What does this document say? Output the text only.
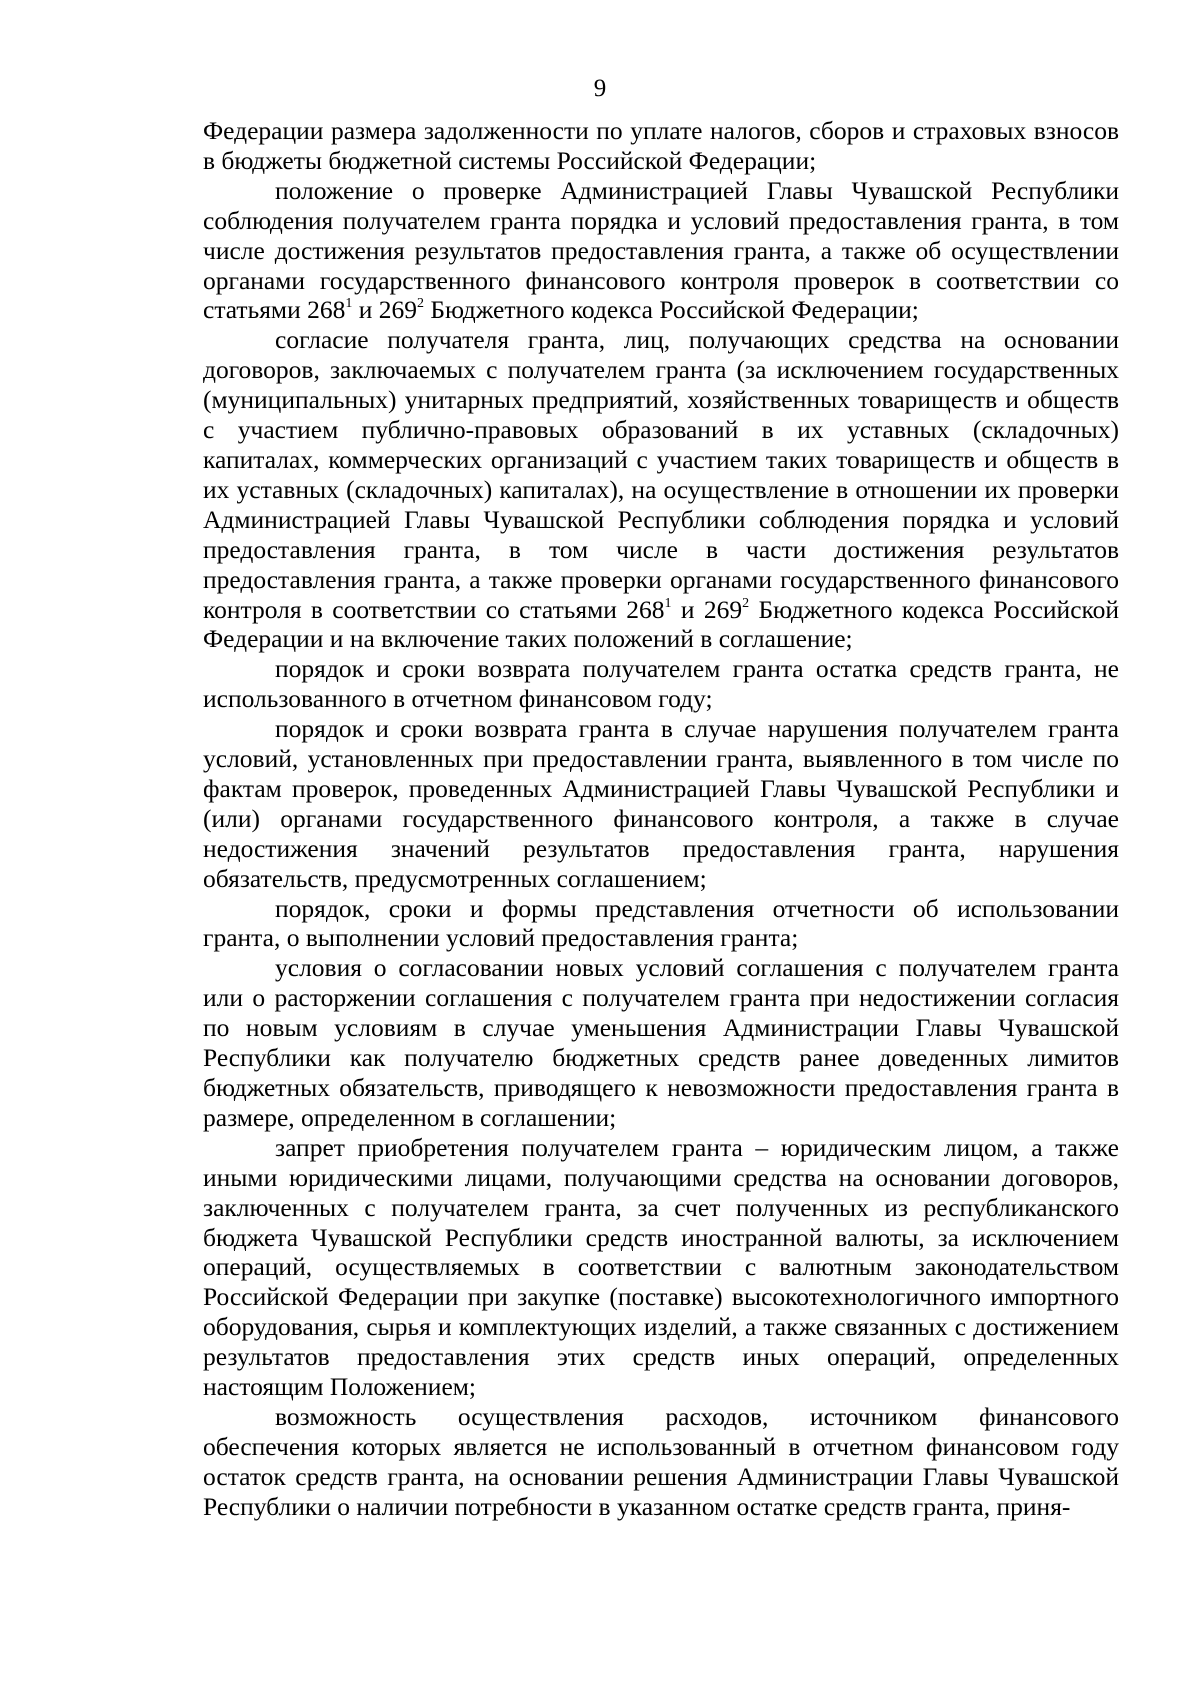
9

Федерации размера задолженности по уплате налогов, сборов и страховых взносов в бюджеты бюджетной системы Российской Федерации;

положение о проверке Администрацией Главы Чувашской Республики соблюдения получателем гранта порядка и условий предоставления гранта, в том числе достижения результатов предоставления гранта, а также об осуществлении органами государственного финансового контроля проверок в соответствии со статьями $268^1$ и $269^2$ Бюджетного кодекса Российской Федерации;

согласие получателя гранта, лиц, получающих средства на основании договоров, заключаемых с получателем гранта (за исключением государственных (муниципальных) унитарных предприятий, хозяйственных товариществ и обществ с участием публично-правовых образований в их уставных (складочных) капиталах, коммерческих организаций с участием таких товариществ и обществ в их уставных (складочных) капиталах), на осуществление в отношении их проверки Администрацией Главы Чувашской Республики соблюдения порядка и условий предоставления гранта, в том числе в части достижения результатов предоставления гранта, а также проверки органами государственного финансового контроля в соответствии со статьями $268^1$ и $269^2$ Бюджетного кодекса Российской Федерации и на включение таких положений в соглашение;

порядок и сроки возврата получателем гранта остатка средств гранта, не использованного в отчетном финансовом году;

порядок и сроки возврата гранта в случае нарушения получателем гранта условий, установленных при предоставлении гранта, выявленного в том числе по фактам проверок, проведенных Администрацией Главы Чувашской Республики и (или) органами государственного финансового контроля, а также в случае недостижения значений результатов предоставления гранта, нарушения обязательств, предусмотренных соглашением;

порядок, сроки и формы представления отчетности об использовании гранта, о выполнении условий предоставления гранта;

условия о согласовании новых условий соглашения с получателем гранта или о расторжении соглашения с получателем гранта при недостижении согласия по новым условиям в случае уменьшения Администрации Главы Чувашской Республики как получателю бюджетных средств ранее доведенных лимитов бюджетных обязательств, приводящего к невозможности предоставления гранта в размере, определенном в соглашении;

запрет приобретения получателем гранта – юридическим лицом, а также иными юридическими лицами, получающими средства на основании договоров, заключенных с получателем гранта, за счет полученных из республиканского бюджета Чувашской Республики средств иностранной валюты, за исключением операций, осуществляемых в соответствии с валютным законодательством Российской Федерации при закупке (поставке) высокотехнологичного импортного оборудования, сырья и комплектующих изделий, а также связанных с достижением результатов предоставления этих средств иных операций, определенных настоящим Положением;

возможность осуществления расходов, источником финансового обеспечения которых является не использованный в отчетном финансовом году остаток средств гранта, на основании решения Администрации Главы Чувашской Республики о наличии потребности в указанном остатке средств гранта, приня-
